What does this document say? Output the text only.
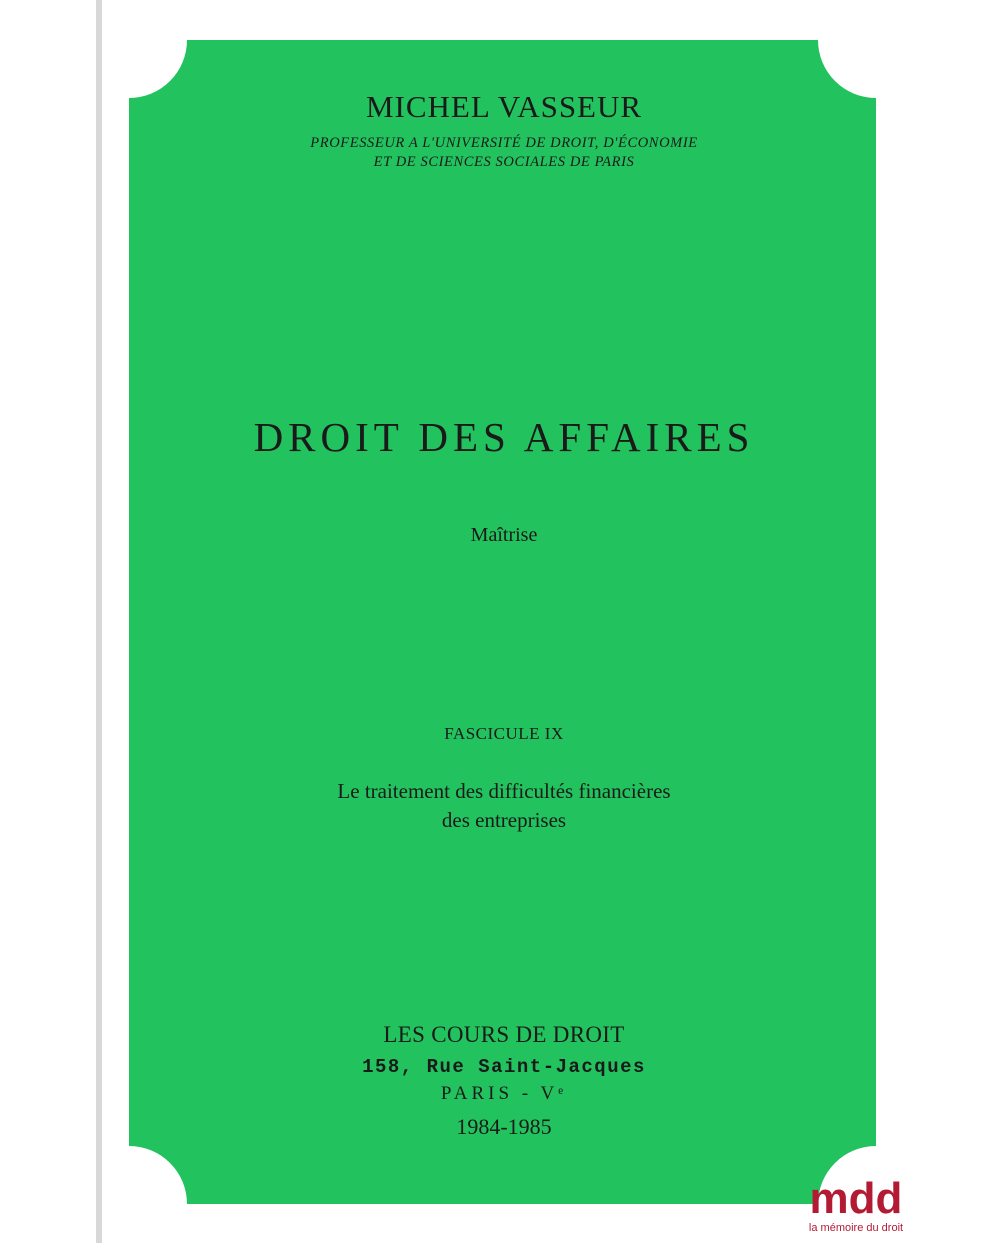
mdd

MICHEL VASSEUR

PROFESSEUR A L'UNIVERSITÉ DE DROIT, D'ÉCONOMIE

ET DE SCIENCES SOCIALES DE PARIS

DROIT DES AFFAIRES

Maîtrise

FASCICULE IX

Le traitement des difficultés financières

des entreprises

LES COURS DE DROIT

158, Rue Saint-Jacques

PARIS - Vᵉ

1984-1985

la mémoire du droit
